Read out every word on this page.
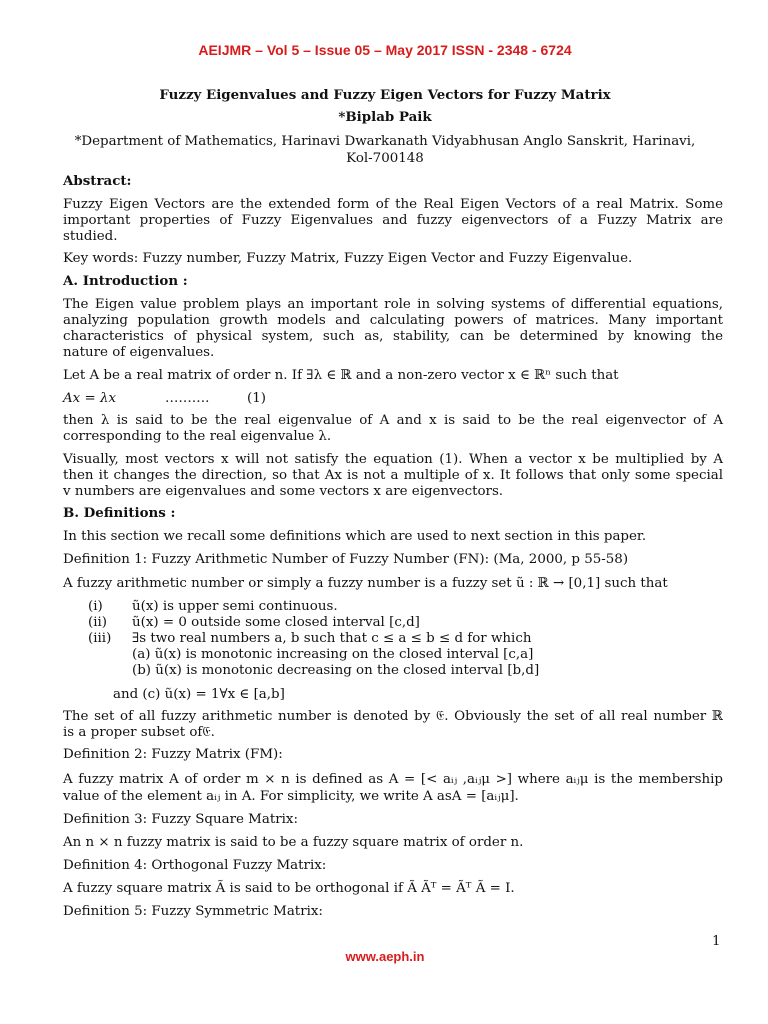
AEIJMR – Vol 5 – Issue 05 – May 2017 ISSN - 2348 - 6724
Fuzzy Eigenvalues and Fuzzy Eigen Vectors for Fuzzy Matrix
*Biplab Paik
*Department of Mathematics, Harinavi Dwarkanath Vidyabhusan Anglo Sanskrit, Harinavi,
Kol-700148
Abstract:
Fuzzy Eigen Vectors are the extended form of the Real Eigen Vectors of a real Matrix. Some
important properties of Fuzzy Eigenvalues and fuzzy eigenvectors of a Fuzzy Matrix are
studied.
Key words: Fuzzy number, Fuzzy Matrix, Fuzzy Eigen Vector and Fuzzy Eigenvalue.
A. Introduction :
The Eigen value problem plays an important role in solving systems of differential equations,
analyzing population growth models and calculating powers of matrices. Many important
characteristics of physical system, such as, stability, can be determined by knowing the
nature of eigenvalues.
Let A be a real matrix of order n. If ∃λ ∈ ℝ and a non-zero vector x ∈ ℝⁿ such that
Ax = λx	……….	(1)
then λ is said to be the real eigenvalue of A and x is said to be the real eigenvector of A
corresponding to the real eigenvalue λ.
Visually, most vectors x will not satisfy the equation (1). When a vector x be multiplied by A
then it changes the direction, so that Ax is not a multiple of x. It follows that only some special
v numbers are eigenvalues and some vectors x are eigenvectors.
B. Definitions :
In this section we recall some definitions which are used to next section in this paper.
Definition 1: Fuzzy Arithmetic Number of Fuzzy Number (FN): (Ma, 2000, p 55-58)
A fuzzy arithmetic number or simply a fuzzy number is a fuzzy set ũ : ℝ → [0,1] such that
(i) ũ(x) is upper semi continuous.
(ii) ũ(x) = 0 outside some closed interval [c,d]
(iii) ∃s two real numbers a, b such that c ≤ a ≤ b ≤ d for which
(a) ũ(x) is monotonic increasing on the closed interval [c,a]
(b) ũ(x) is monotonic decreasing on the closed interval [b,d]
and (c) ũ(x) = 1∀x ∈ [a,b]
The set of all fuzzy arithmetic number is denoted by 𝔈. Obviously the set of all real number ℝ
is a proper subset of𝔈.
Definition 2: Fuzzy Matrix (FM):
A fuzzy matrix A of order m × n is defined as A = [< aᵢⱼ ,aᵢⱼμ >] where aᵢⱼμ is the membership
value of the element aᵢⱼ in A. For simplicity, we write A asA = [aᵢⱼμ].
Definition 3: Fuzzy Square Matrix:
An n × n fuzzy matrix is said to be a fuzzy square matrix of order n.
Definition 4: Orthogonal Fuzzy Matrix:
A fuzzy square matrix Ã is said to be orthogonal if Ã Ãᵀ = Ãᵀ Ã = I.
Definition 5: Fuzzy Symmetric Matrix:
1
www.aeph.in
